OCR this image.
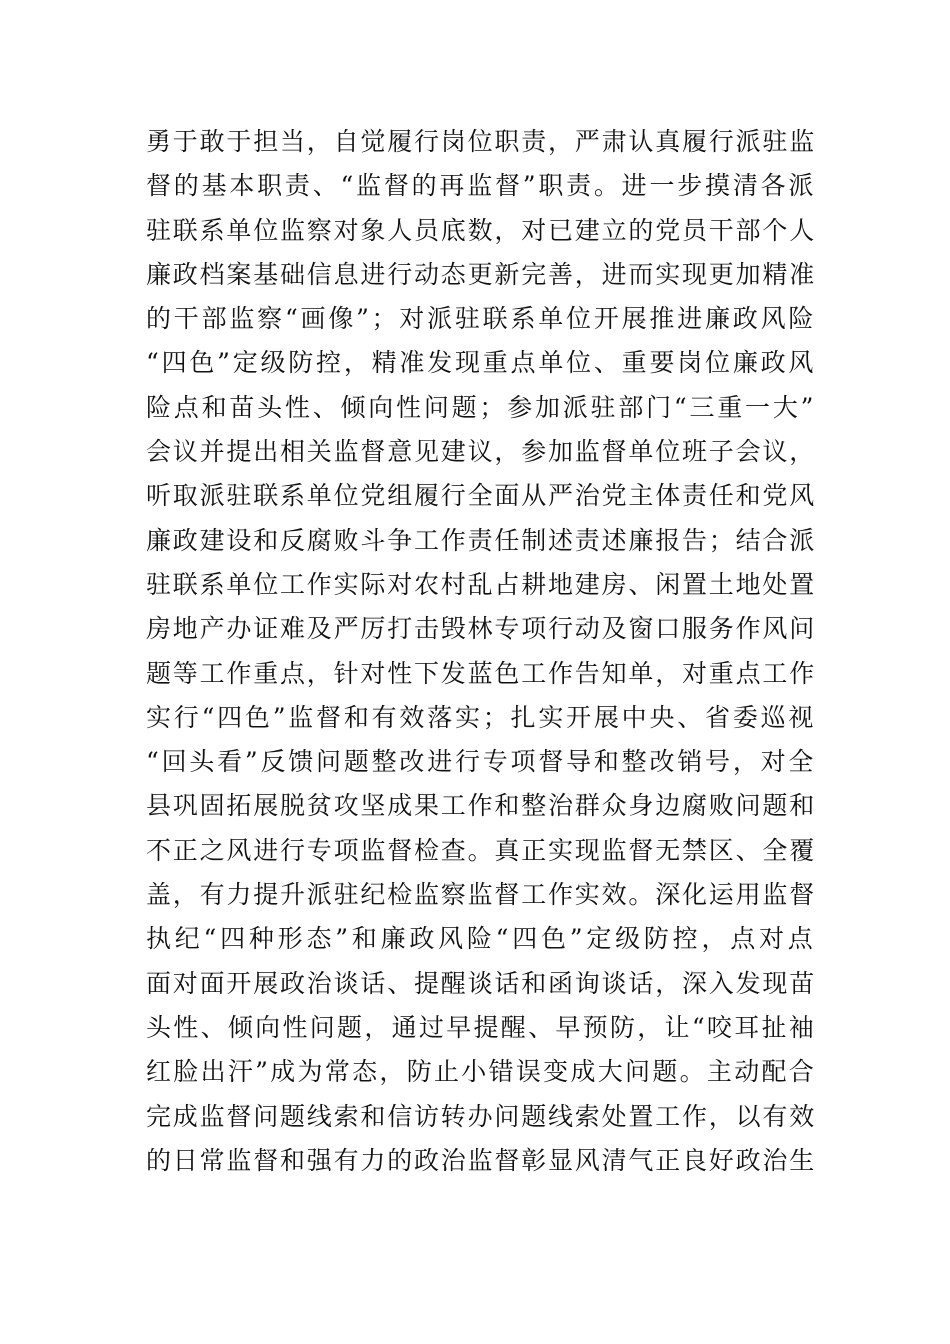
勇于敢于担当，自觉履行岗位职责，严肃认真履行派驻监
督的基本职责、“监督的再监督”职责。进一步摸清各派
驻联系单位监察对象人员底数，对已建立的党员干部个人
廉政档案基础信息进行动态更新完善，进而实现更加精准
的干部监察“画像”；对派驻联系单位开展推进廉政风险
“四色”定级防控，精准发现重点单位、重要岗位廉政风
险点和苗头性、倾向性问题；参加派驻部门“三重一大”
会议并提出相关监督意见建议，参加监督单位班子会议，
听取派驻联系单位党组履行全面从严治党主体责任和党风
廉政建设和反腐败斗争工作责任制述责述廉报告；结合派
驻联系单位工作实际对农村乱占耕地建房、闲置土地处置
房地产办证难及严厉打击毁林专项行动及窗口服务作风问
题等工作重点，针对性下发蓝色工作告知单，对重点工作
实行“四色”监督和有效落实；扎实开展中央、省委巡视
“回头看”反馈问题整改进行专项督导和整改销号，对全
县巩固拓展脱贫攻坚成果工作和整治群众身边腐败问题和
不正之风进行专项监督检查。真正实现监督无禁区、全覆
盖，有力提升派驻纪检监察监督工作实效。深化运用监督
执纪“四种形态”和廉政风险“四色”定级防控，点对点
面对面开展政治谈话、提醒谈话和函询谈话，深入发现苗
头性、倾向性问题，通过早提醒、早预防，让“咬耳扯袖
红脸出汗”成为常态，防止小错误变成大问题。主动配合
完成监督问题线索和信访转办问题线索处置工作，以有效
的日常监督和强有力的政治监督彰显风清气正良好政治生
